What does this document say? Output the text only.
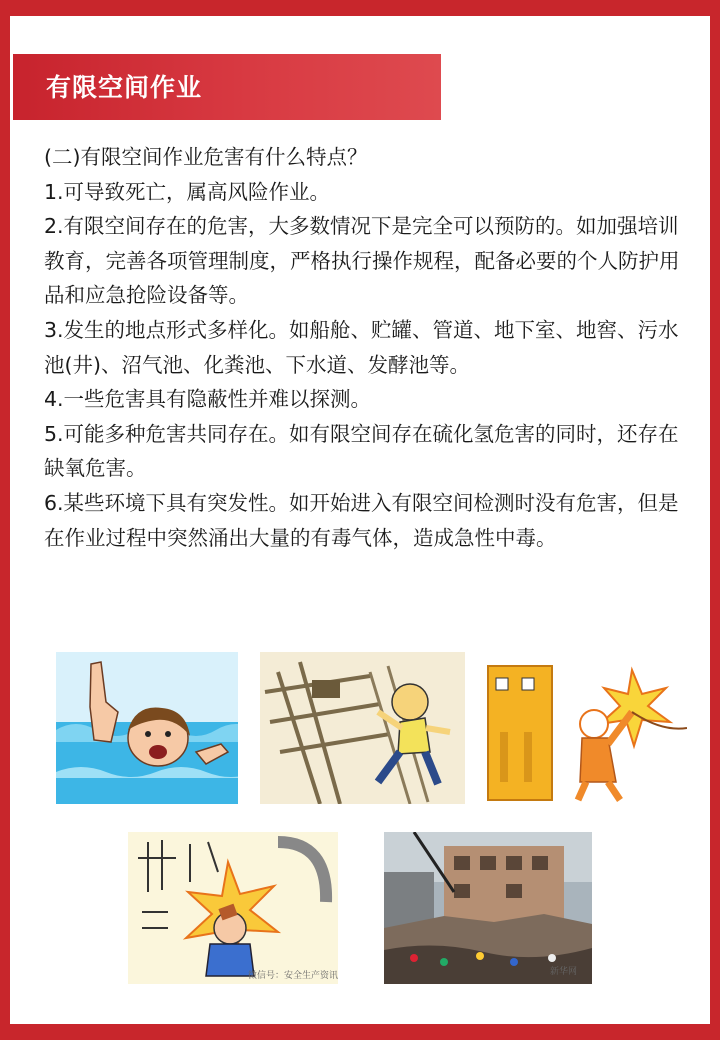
有限空间作业

(二)有限空间作业危害有什么特点？

1.可导致死亡，属高风险作业。

2.有限空间存在的危害，大多数情况下是完全可以预防的。如加强培训教育，完善各项管理制度，严格执行操作规程，配备必要的个人防护用品和应急抢险设备等。

3.发生的地点形式多样化。如船舱、贮罐、管道、地下室、地窖、污水池(井)、沼气池、化粪池、下水道、发酵池等。

4.一些危害具有隐蔽性并难以探测。

5.可能多种危害共同存在。如有限空间存在硫化氢危害的同时，还存在缺氧危害。

6.某些环境下具有突发性。如开始进入有限空间检测时没有危害，但是在作业过程中突然涌出大量的有毒气体，造成急性中毒。

微信号：安全生产资讯	新华网
